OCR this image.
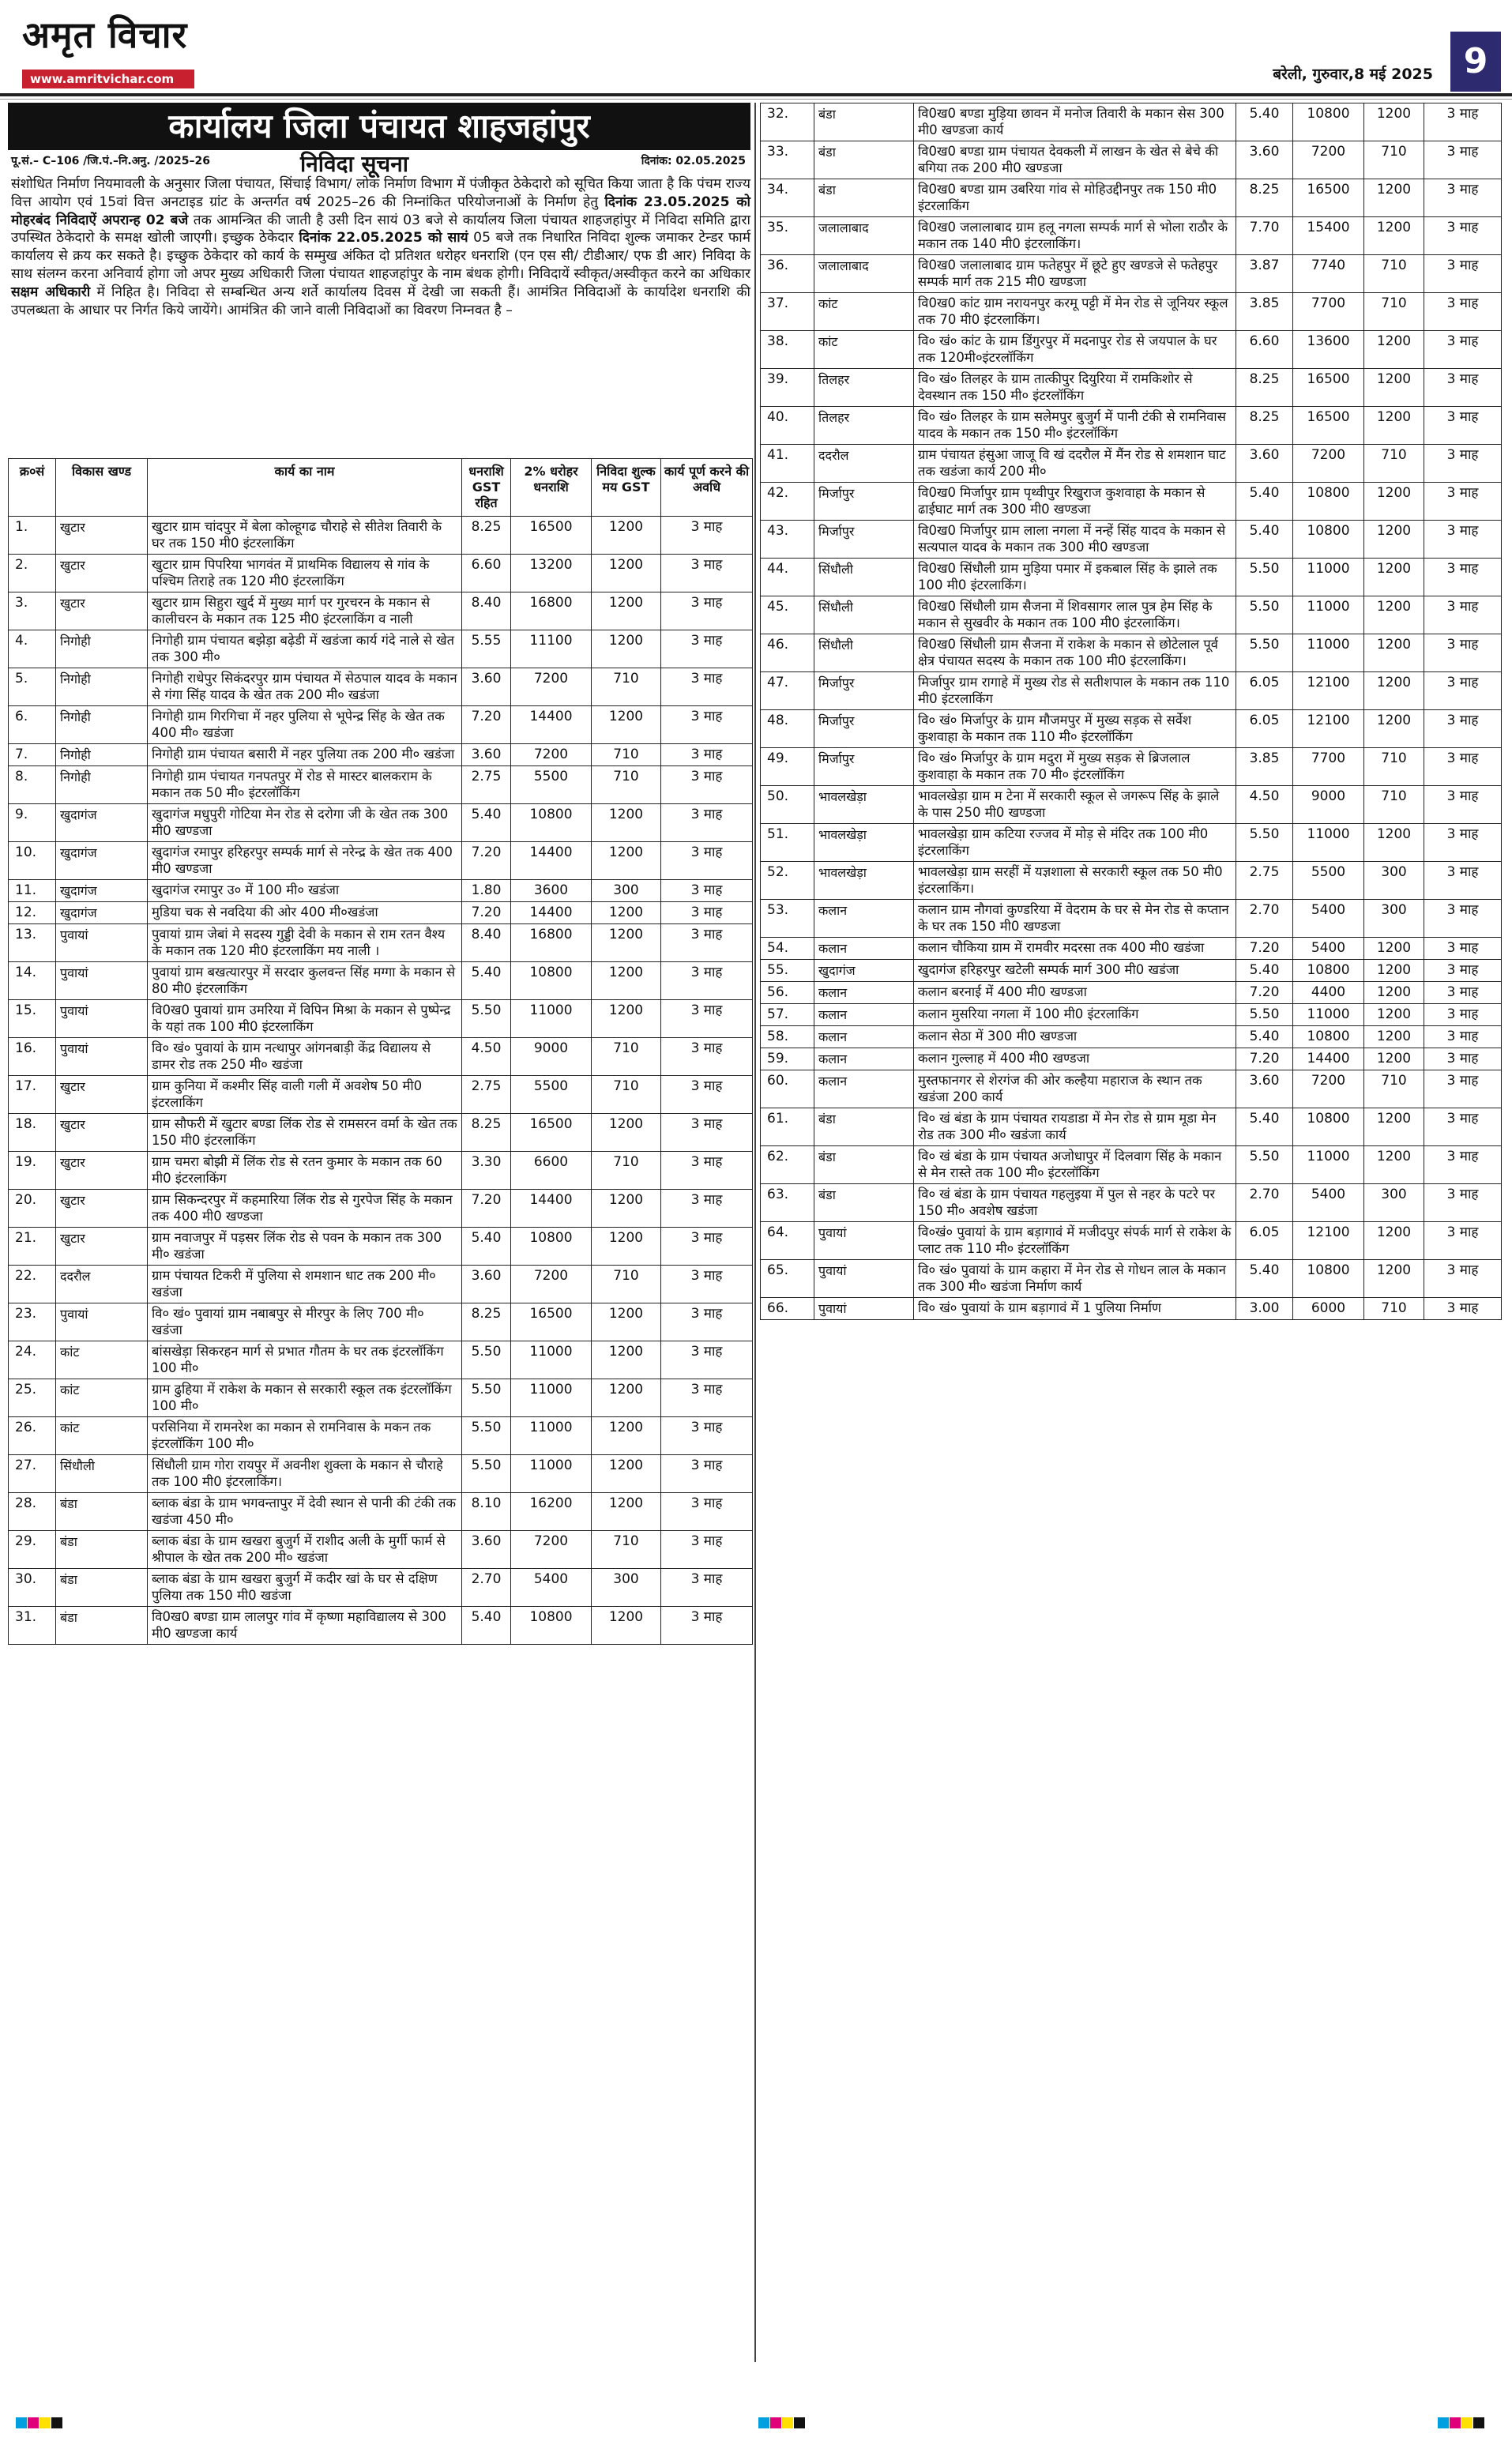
अमृत विचार
www.amritvichar.com	बरेली, गुरुवार,8 मई 2025 9
कार्यालय जिला पंचायत शाहजहांपुर
पू.सं.– C–106 /जि.पं.–नि.अनु. /2025–26	निविदा सूचना	दिनांक: 02.05.2025
संशोधित निर्माण नियमावली के अनुसार जिला पंचायत, सिंचाई विभाग/ लोक निर्माण विभाग में पंजीकृत ठेकेदारो को सूचित किया जाता है कि पंचम राज्य वित्त आयोग एवं 15वां वित्त अनटाइड ग्रांट के अन्तर्गत वर्ष 2025–26 की निम्नांकित परियोजनाओं के निर्माण हेतु दिनांक 23.05.2025 को मोहरबंद निविदाऐं अपरान्ह 02 बजे तक आमन्त्रित की जाती है उसी दिन सायं 03 बजे से कार्यालय जिला पंचायत शाहजहांपुर में निविदा समिति द्वारा उपस्थित ठेकेदारो के समक्ष खोली जाएगी। इच्छुक ठेकेदार दिनांक 22.05.2025 को सायं 05 बजे तक निधारित निविदा शुल्क जमाकर टेन्डर फार्म कार्यालय से क्रय कर सकते है। इच्छुक ठेकेदार को कार्य के सम्मुख अंकित दो प्रतिशत धरोहर धनराशि (एन एस सी/ टीडीआर/ एफ डी आर) निविदा के साथ संलग्न करना अनिवार्य होगा जो अपर मुख्य अधिकारी जिला पंचायत शाहजहांपुर के नाम बंधक होगी। निविदायें स्वीकृत/अस्वीकृत करने का अधिकार सक्षम अधिकारी में निहित है। निविदा से सम्बन्धित अन्य शर्ते कार्यालय दिवस में देखी जा सकती हैं। आमंत्रित निविदाओं के कार्यादेश धनराशि की उपलब्धता के आधार पर निर्गत किये जायेंगे। आमंत्रित की जाने वाली निविदाओं का विवरण निम्नवत है –
क्र०सं	विकास खण्ड	कार्य का नाम	धनराशि GST रहित	2% धरोहर धनराशि	निविदा शुल्क मय GST	कार्य पूर्ण करने की अवधि
1.	खुटार	खुटार ग्राम चांदपुर में बेला कोल्हूगढ चौराहे से सीतेश तिवारी के घर तक 150 मी0 इंटरलाकिंग	8.25	16500	1200	3 माह
2.	खुटार	खुटार ग्राम पिपरिया भागवंत में प्राथमिक विद्यालय से गांव के पश्चिम तिराहे तक 120 मी0 इंटरलाकिंग	6.60	13200	1200	3 माह
3.	खुटार	खुटार ग्राम सिहुरा खुर्द में मुख्य मार्ग पर गुरचरन के मकान से कालीचरन के मकान तक 125 मी0 इंटरलाकिंग व नाली	8.40	16800	1200	3 माह
4.	निगोही	निगोही ग्राम पंचायत बझेड़ा बढ़ेडी में खडंजा कार्य गंदे नाले से खेत तक 300 मी०	5.55	11100	1200	3 माह
5.	निगोही	निगोही राधेपुर सिकंदरपुर ग्राम पंचायत में सेठपाल यादव के मकान से गंगा सिंह यादव के खेत तक 200 मी० खडंजा	3.60	7200	710	3 माह
6.	निगोही	निगोही ग्राम गिरगिचा में नहर पुलिया से भूपेन्द्र सिंह के खेत तक 400 मी० खडंजा	7.20	14400	1200	3 माह
7.	निगोही	निगोही ग्राम पंचायत बसारी में नहर पुलिया तक 200 मी० खडंजा	3.60	7200	710	3 माह
8.	निगोही	निगोही ग्राम पंचायत गनपतपुर में रोड से मास्टर बालकराम के मकान तक 50 मी० इंटरलॉकिंग	2.75	5500	710	3 माह
9.	खुदागंज	खुदागंज मधुपुरी गोटिया मेन रोड से दरोगा जी के खेत तक 300 मी0 खण्डजा	5.40	10800	1200	3 माह
10.	खुदागंज	खुदागंज रमापुर हरिहरपुर सम्पर्क मार्ग से नरेन्द्र के खेत तक 400 मी0 खण्डजा	7.20	14400	1200	3 माह
11.	खुदागंज	खुदागंज रमापुर उ० में 100 मी० खडंजा	1.80	3600	300	3 माह
12.	खुदागंज	मुडिया चक से नवदिया की ओर 400 मी०खडंजा	7.20	14400	1200	3 माह
13.	पुवायां	पुवायां ग्राम जेबां मे सदस्य गुड्डी देवी के मकान से राम रतन वैश्य के मकान तक 120 मी0 इंटरलाकिंग मय नाली ।	8.40	16800	1200	3 माह
14.	पुवायां	पुवायां ग्राम बखत्यारपुर में सरदार कुलवन्त सिंह मग्गा के मकान से 80 मी0 इंटरलाकिंग	5.40	10800	1200	3 माह
15.	पुवायां	वि0ख0 पुवायां ग्राम उमरिया में विपिन मिश्रा के मकान से पुष्पेन्द्र के यहां तक 100 मी0 इंटरलाकिंग	5.50	11000	1200	3 माह
16.	पुवायां	वि० खं० पुवायां के ग्राम नत्थापुर आंगनबाड़ी केंद्र विद्यालय से डामर रोड तक 250 मी० खडंजा	4.50	9000	710	3 माह
17.	खुटार	ग्राम कुनिया में कश्मीर सिंह वाली गली में अवशेष 50 मी0 इंटरलाकिंग	2.75	5500	710	3 माह
18.	खुटार	ग्राम सौफरी में खुटार बण्डा लिंक रोड से रामसरन वर्मा के खेत तक 150 मी0 इंटरलाकिंग	8.25	16500	1200	3 माह
19.	खुटार	ग्राम चमरा बोझी में लिंक रोड से रतन कुमार के मकान तक 60 मी0 इंटरलाकिंग	3.30	6600	710	3 माह
20.	खुटार	ग्राम सिकन्दरपुर में कहमारिया लिंक रोड से गुरपेज सिंह के मकान तक 400 मी0 खण्डजा	7.20	14400	1200	3 माह
21.	खुटार	ग्राम नवाजपुर में पड़सर लिंक रोड से पवन के मकान तक 300 मी० खडंजा	5.40	10800	1200	3 माह
22.	ददरौल	ग्राम पंचायत टिकरी में पुलिया से शमशान धाट तक 200 मी० खडंजा	3.60	7200	710	3 माह
23.	पुवायां	वि० खं० पुवायां ग्राम नबाबपुर से मीरपुर के लिए 700 मी० खडंजा	8.25	16500	1200	3 माह
24.	कांट	बांसखेड़ा सिकरहन मार्ग से प्रभात गौतम के घर तक इंटरलॉकिंग 100 मी०	5.50	11000	1200	3 माह
25.	कांट	ग्राम ढुहिया में राकेश के मकान से सरकारी स्कूल तक इंटरलॉकिंग 100 मी०	5.50	11000	1200	3 माह
26.	कांट	परसिनिया में रामनरेश का मकान से रामनिवास के मकन तक इंटरलॉकिंग 100 मी०	5.50	11000	1200	3 माह
27.	सिंधौली	सिंधौली ग्राम गोरा रायपुर में अवनीश शुक्ला के मकान से चौराहे तक 100 मी0 इंटरलाकिंग।	5.50	11000	1200	3 माह
28.	बंडा	ब्लाक बंडा के ग्राम भगवन्तापुर में देवी स्थान से पानी की टंकी तक खडंजा 450 मी०	8.10	16200	1200	3 माह
29.	बंडा	ब्लाक बंडा के ग्राम खखरा बुजुर्ग में राशीद अली के मुर्गी फार्म से श्रीपाल के खेत तक 200 मी० खडंजा	3.60	7200	710	3 माह
30.	बंडा	ब्लाक बंडा के ग्राम खखरा बुजुर्ग में कदीर खां के घर से दक्षिण पुलिया तक 150 मी0 खडंजा	2.70	5400	300	3 माह
31.	बंडा	वि0ख0 बण्डा ग्राम लालपुर गांव में कृष्णा महाविद्यालय से 300 मी0 खण्डजा कार्य	5.40	10800	1200	3 माह
32.	बंडा	वि0ख0 बण्डा मुड़िया छावन में मनोज तिवारी के मकान सेस 300 मी0 खण्डजा कार्य	5.40	10800	1200	3 माह
33.	बंडा	वि0ख0 बण्डा ग्राम पंचायत देवकली में लाखन के खेत से बेचे की बगिया तक 200 मी0 खण्डजा	3.60	7200	710	3 माह
34.	बंडा	वि0ख0 बण्डा ग्राम उबरिया गांव से मोहिउद्दीनपुर तक 150 मी0 इंटरलाकिंग	8.25	16500	1200	3 माह
35.	जलालाबाद	वि0ख0 जलालाबाद ग्राम हलू नगला सम्पर्क मार्ग से भोला राठौर के मकान तक 140 मी0 इंटरलाकिंग।	7.70	15400	1200	3 माह
36.	जलालाबाद	वि0ख0 जलालाबाद ग्राम फतेहपुर में छूटे हुए खण्डजे से फतेहपुर सम्पर्क मार्ग तक 215 मी0 खण्डजा	3.87	7740	710	3 माह
37.	कांट	वि0ख0 कांट ग्राम नरायनपुर करमू पट्टी में मेन रोड से जूनियर स्कूल तक 70 मी0 इंटरलाकिंग।	3.85	7700	710	3 माह
38.	कांट	वि० खं० कांट के ग्राम डिंगुरपुर में मदनापुर रोड से जयपाल के घर तक 120मी०इंटरलॉकिंग	6.60	13600	1200	3 माह
39.	तिलहर	वि० खं० तिलहर के ग्राम तात्कीपुर दियुरिया में रामकिशोर से देवस्थान तक 150 मी० इंटरलॉकिंग	8.25	16500	1200	3 माह
40.	तिलहर	वि० खं० तिलहर के ग्राम सलेमपुर बुजुर्ग में पानी टंकी से रामनिवास यादव के मकान तक 150 मी० इंटरलॉकिंग	8.25	16500	1200	3 माह
41.	ददरौल	ग्राम पंचायत हंसुआ जाजू वि खं ददरौल में मैंन रोड से शमशान घाट तक खडंजा कार्य 200 मी०	3.60	7200	710	3 माह
42.	मिर्जापुर	वि0ख0 मिर्जापुर ग्राम पृथ्वीपुर रिखुराज कुशवाहा के मकान से ढाईघाट मार्ग तक 300 मी0 खण्डजा	5.40	10800	1200	3 माह
43.	मिर्जापुर	वि0ख0 मिर्जापुर ग्राम लाला नगला में नन्हें सिंह यादव के मकान से सत्यपाल यादव के मकान तक 300 मी0 खण्डजा	5.40	10800	1200	3 माह
44.	सिंधौली	वि0ख0 सिंधौली ग्राम मुड़िया पमार में इकबाल सिंह के झाले तक 100 मी0 इंटरलाकिंग।	5.50	11000	1200	3 माह
45.	सिंधौली	वि0ख0 सिंधौली ग्राम सैजना में शिवसागर लाल पुत्र हेम सिंह के मकान से सुखवीर के मकान तक 100 मी0 इंटरलाकिंग।	5.50	11000	1200	3 माह
46.	सिंधौली	वि0ख0 सिंधौली ग्राम सैजना में राकेश के मकान से छोटेलाल पूर्व क्षेत्र पंचायत सदस्य के मकान तक 100 मी0 इंटरलाकिंग।	5.50	11000	1200	3 माह
47.	मिर्जापुर	मिर्जापुर ग्राम रागाहे में मुख्य रोड से सतीशपाल के मकान तक 110 मी0 इंटरलाकिंग	6.05	12100	1200	3 माह
48.	मिर्जापुर	वि० खं० मिर्जापुर के ग्राम मौजमपुर में मुख्य सड़क से सर्वेश कुशवाहा के मकान तक 110 मी० इंटरलॉकिंग	6.05	12100	1200	3 माह
49.	मिर्जापुर	वि० खं० मिर्जापुर के ग्राम मदुरा में मुख्य सड़क से ब्रिजलाल कुशवाहा के मकान तक 70 मी० इंटरलॉकिंग	3.85	7700	710	3 माह
50.	भावलखेड़ा	भावलखेड़ा ग्राम म टेना में सरकारी स्कूल से जगरूप सिंह के झाले के पास 250 मी0 खण्डजा	4.50	9000	710	3 माह
51.	भावलखेड़ा	भावलखेड़ा ग्राम कटिया रज्जव में मोड़ से मंदिर तक 100 मी0 इंटरलाकिंग	5.50	11000	1200	3 माह
52.	भावलखेड़ा	भावलखेड़ा ग्राम सरहीं में यज्ञशाला से सरकारी स्कूल तक 50 मी0 इंटरलाकिंग।	2.75	5500	300	3 माह
53.	कलान	कलान ग्राम नौगवां कुण्डरिया में वेदराम के घर से मेन रोड से कप्तान के घर तक 150 मी0 खण्डजा	2.70	5400	300	3 माह
54.	कलान	कलान चौकिया ग्राम में रामवीर मदरसा तक 400 मी0 खडंजा	7.20	5400	1200	3 माह
55.	खुदागंज	खुदागंज हरिहरपुर खटेली सम्पर्क मार्ग 300 मी0 खडंजा	5.40	10800	1200	3 माह
56.	कलान	कलान बरनाई में 400 मी0 खण्डजा	7.20	4400	1200	3 माह
57.	कलान	कलान मुसरिया नगला में 100 मी0 इंटरलाकिंग	5.50	11000	1200	3 माह
58.	कलान	कलान सेठा में 300 मी0 खण्डजा	5.40	10800	1200	3 माह
59.	कलान	कलान गुल्लाह में 400 मी0 खण्डजा	7.20	14400	1200	3 माह
60.	कलान	मुस्तफानगर से शेरगंज की ओर कल्हैया महाराज के स्थान तक खडंजा 200 कार्य	3.60	7200	710	3 माह
61.	बंडा	वि० खं बंडा के ग्राम पंचायत रायडाडा में मेन रोड से ग्राम मूडा मेन रोड तक 300 मी० खडंजा कार्य	5.40	10800	1200	3 माह
62.	बंडा	वि० खं बंडा के ग्राम पंचायत अजोधापुर में दिलवाग सिंह के मकान से मेन रास्ते तक 100 मी० इंटरलॉकिंग	5.50	11000	1200	3 माह
63.	बंडा	वि० खं बंडा के ग्राम पंचायत गहलुइया में पुल से नहर के पटरे पर 150 मी० अवशेष खडंजा	2.70	5400	300	3 माह
64.	पुवायां	वि०खं० पुवायां के ग्राम बड़ागावं में मजीदपुर संपर्क मार्ग से राकेश के प्लाट तक 110 मी० इंटरलॉकिंग	6.05	12100	1200	3 माह
65.	पुवायां	वि० खं० पुवायां के ग्राम कहारा में मेन रोड से गोधन लाल के मकान तक 300 मी० खडंजा निर्माण कार्य	5.40	10800	1200	3 माह
66.	पुवायां	वि० खं० पुवायां के ग्राम बड़ागावं में 1 पुलिया निर्माण	3.00	6000	710	3 माह
